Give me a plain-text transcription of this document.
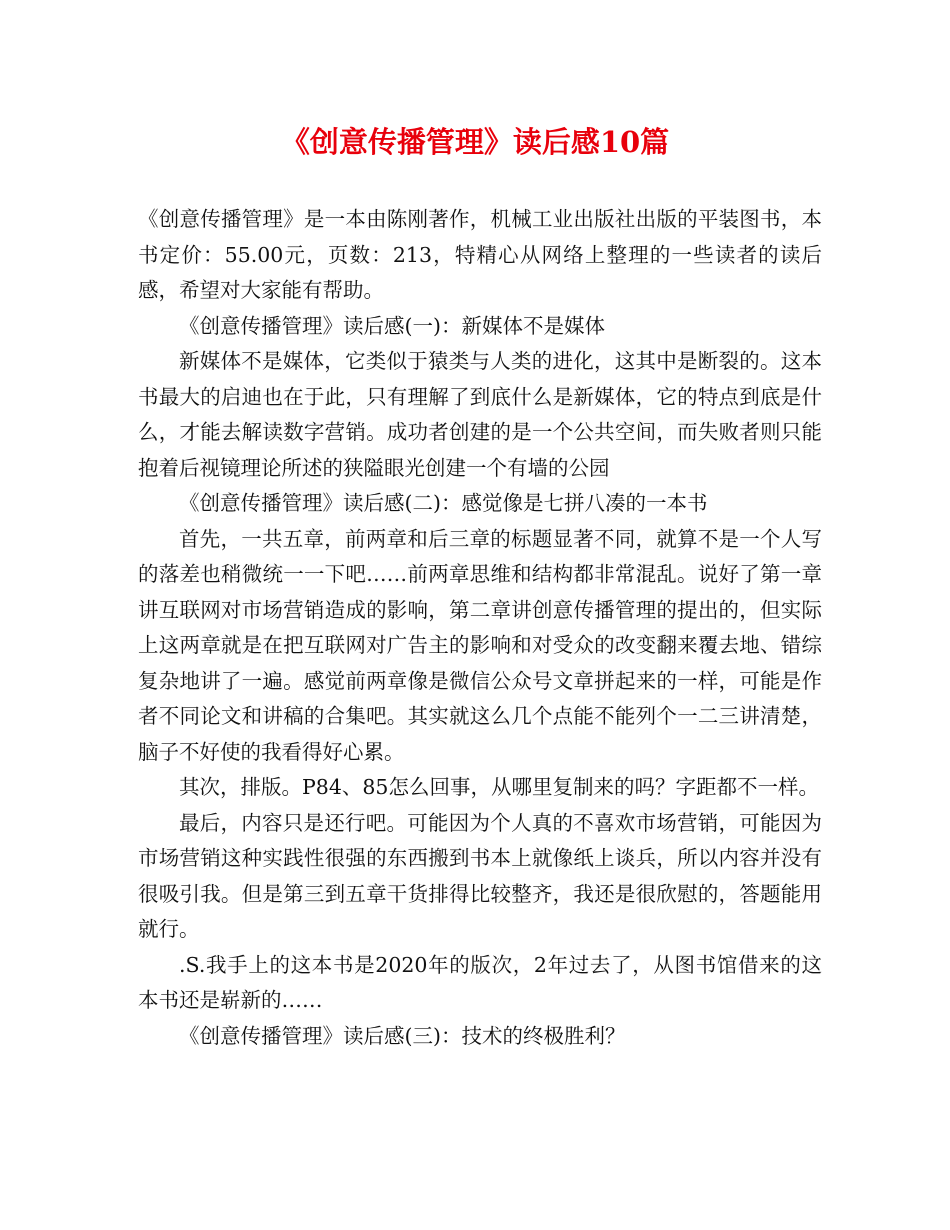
《创意传播管理》读后感10篇

《创意传播管理》是一本由陈刚著作，机械工业出版社出版的平装图书，本书定价：55.00元，页数：213，特精心从网络上整理的一些读者的读后感，希望对大家能有帮助。

《创意传播管理》读后感(一)：新媒体不是媒体

新媒体不是媒体，它类似于猿类与人类的进化，这其中是断裂的。这本书最大的启迪也在于此，只有理解了到底什么是新媒体，它的特点到底是什么，才能去解读数字营销。成功者创建的是一个公共空间，而失败者则只能抱着后视镜理论所述的狭隘眼光创建一个有墙的公园

《创意传播管理》读后感(二)：感觉像是七拼八凑的一本书

首先，一共五章，前两章和后三章的标题显著不同，就算不是一个人写的落差也稍微统一一下吧……前两章思维和结构都非常混乱。说好了第一章讲互联网对市场营销造成的影响，第二章讲创意传播管理的提出的，但实际上这两章就是在把互联网对广告主的影响和对受众的改变翻来覆去地、错综复杂地讲了一遍。感觉前两章像是微信公众号文章拼起来的一样，可能是作者不同论文和讲稿的合集吧。其实就这么几个点能不能列个一二三讲清楚，脑子不好使的我看得好心累。

其次，排版。P84、85怎么回事，从哪里复制来的吗？字距都不一样。

最后，内容只是还行吧。可能因为个人真的不喜欢市场营销，可能因为市场营销这种实践性很强的东西搬到书本上就像纸上谈兵，所以内容并没有很吸引我。但是第三到五章干货排得比较整齐，我还是很欣慰的，答题能用就行。

.S.我手上的这本书是2020年的版次，2年过去了，从图书馆借来的这本书还是崭新的……

《创意传播管理》读后感(三)：技术的终极胜利？
